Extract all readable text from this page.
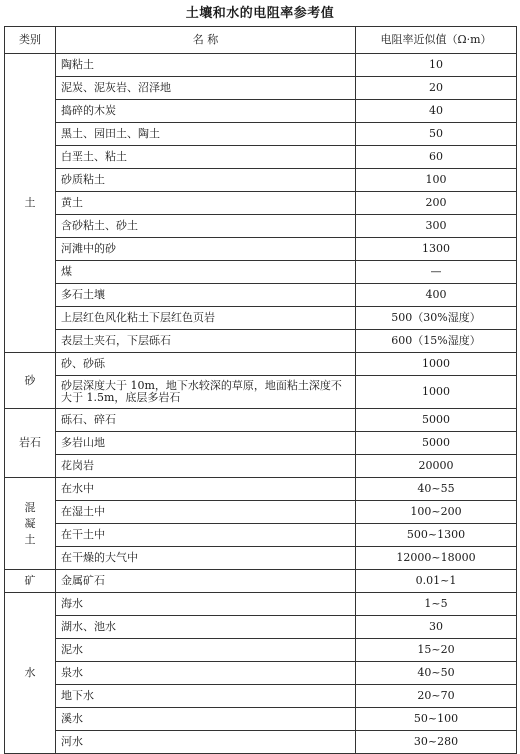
土壤和水的电阻率参考值
类别	名 称	电阻率近似值（Ω·m）
土	陶粘土	10
	泥炭、泥灰岩、沼泽地	20
	捣碎的木炭	40
	黑土、园田土、陶土	50
	白垩土、粘土	60
	砂质粘土	100
	黄土	200
	含砂粘土、砂土	300
	河滩中的砂	1300
	煤	—
	多石土壤	400
	上层红色风化粘土下层红色页岩	500（30%湿度）
	表层土夹石，下层砾石	600（15%湿度）
砂	砂、砂砾	1000
	砂层深度大于 10m，地下水较深的草原，地面粘土深度不大于 1.5m，底层多岩石	1000
岩石	砾石、碎石	5000
	多岩山地	5000
	花岗岩	20000
混凝土	在水中	40~55
	在湿土中	100~200
	在干土中	500~1300
	在干燥的大气中	12000~18000
矿	金属矿石	0.01~1
水	海水	1~5
	湖水、池水	30
	泥水	15~20
	泉水	40~50
	地下水	20~70
	溪水	50~100
	河水	30~280
